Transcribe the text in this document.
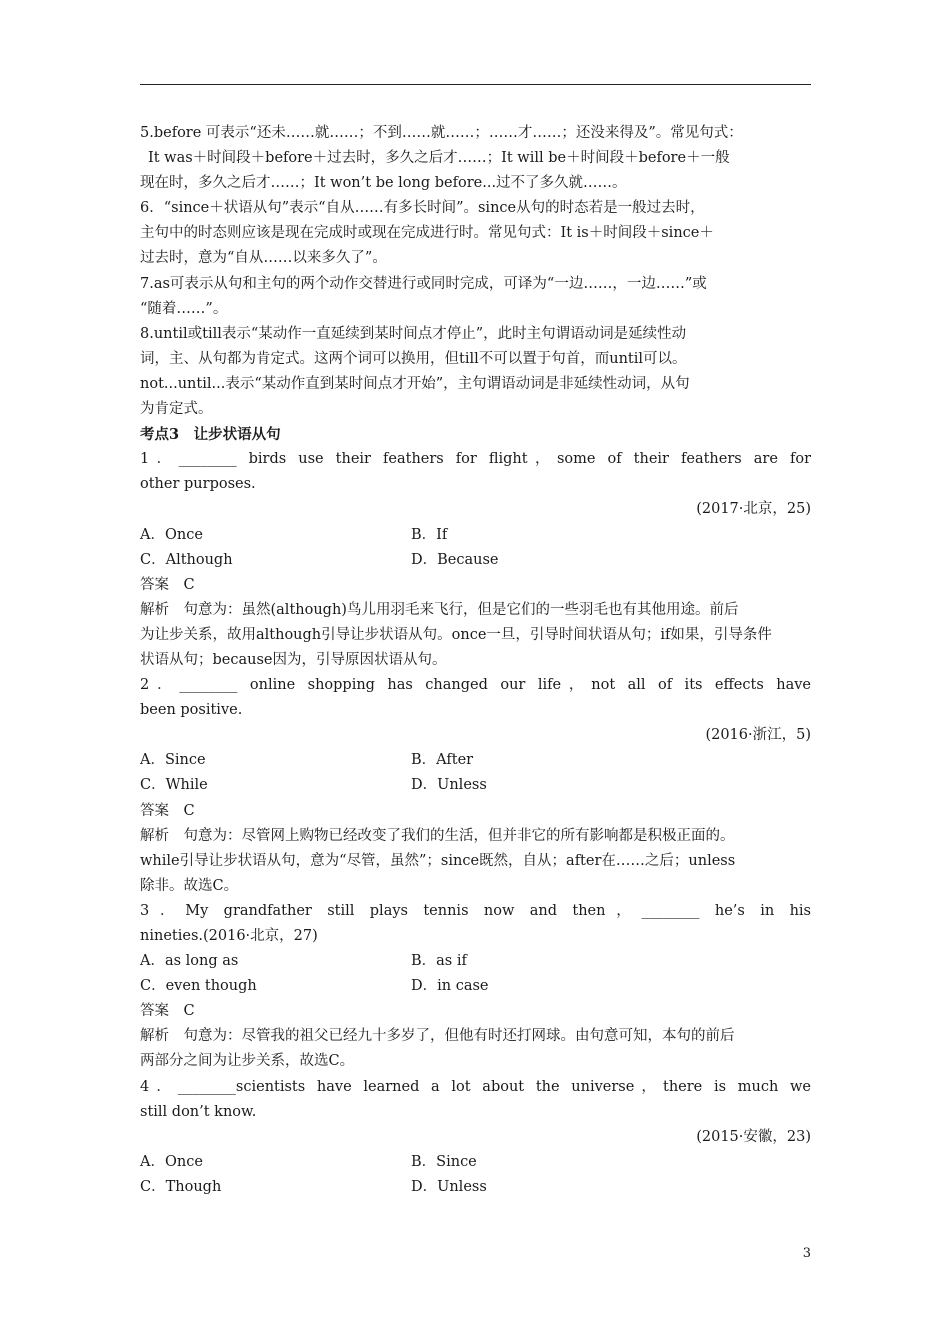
5.before 可表示“还未……就……；不到……就……；……才……；还没来得及”。常见句式：
It was＋时间段＋before＋过去时，多久之后才……；It will be＋时间段＋before＋一般
现在时，多久之后才……；It won’t be long before...过不了多久就……。
6．“since＋状语从句”表示“自从……有多长时间”。since从句的时态若是一般过去时，
主句中的时态则应该是现在完成时或现在完成进行时。常见句式：It is＋时间段＋since＋
过去时，意为“自从……以来多久了”。
7.as可表示从句和主句的两个动作交替进行或同时完成，可译为“一边……，一边……”或
“随着……”。
8.until或till表示“某动作一直延续到某时间点才停止”，此时主句谓语动词是延续性动
词，主、从句都为肯定式。这两个词可以换用，但till不可以置于句首，而until可以。
not...until...表示“某动作直到某时间点才开始”，主句谓语动词是非延续性动词，从句
为肯定式。
考点3　让步状语从句
1．________ birds use their feathers for flight，some of their feathers are for
other purposes.
(2017·北京，25)
A．Once	B．If
C．Although	D．Because
答案　C
解析　句意为：虽然(although)鸟儿用羽毛来飞行，但是它们的一些羽毛也有其他用途。前后
为让步关系，故用although引导让步状语从句。once一旦，引导时间状语从句；if如果，引导条件
状语从句；because因为，引导原因状语从句。
2．________ online shopping has changed our life，not all of its effects have
been positive.
(2016·浙江，5)
A．Since	B．After
C．While	D．Unless
答案　C
解析　句意为：尽管网上购物已经改变了我们的生活，但并非它的所有影响都是积极正面的。
while引导让步状语从句，意为“尽管，虽然”；since既然，自从；after在……之后；unless
除非。故选C。
3．My grandfather still plays tennis now and then，________ he’s in his
nineties.(2016·北京，27)
A．as long as	B．as if
C．even though	D．in case
答案　C
解析　句意为：尽管我的祖父已经九十多岁了，但他有时还打网球。由句意可知，本句的前后
两部分之间为让步关系，故选C。
4．________scientists have learned a lot about the universe，there is much we
still don’t know.
(2015·安徽，23)
A．Once	B．Since
C．Though	D．Unless
3
